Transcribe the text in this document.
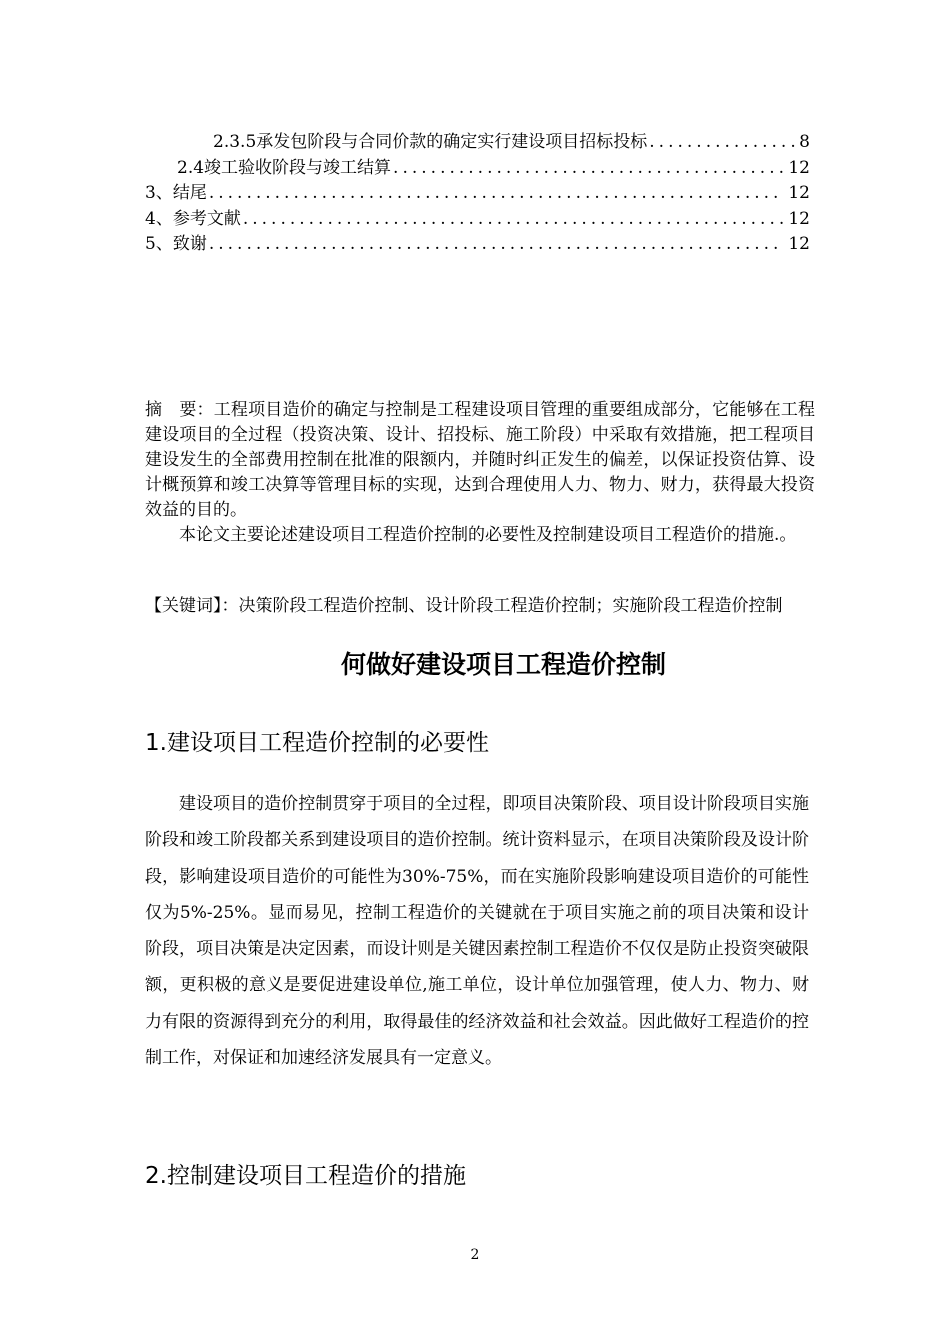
2.3.5承发包阶段与合同价款的确定实行建设项目招标投标 .....	8
2.4竣工验收阶段与竣工结算 .....	12
3、结尾 .....	12
4、参考文献 .....	12
5、致谢 .....	12

摘　要：工程项目造价的确定与控制是工程建设项目管理的重要组成部分，它能够在工程建设项目的全过程（投资决策、设计、招投标、施工阶段）中采取有效措施，把工程项目建设发生的全部费用控制在批准的限额内，并随时纠正发生的偏差，以保证投资估算、设计概预算和竣工决算等管理目标的实现，达到合理使用人力、物力、财力，获得最大投资效益的目的。

本论文主要论述建设项目工程造价控制的必要性及控制建设项目工程造价的措施.。

【关键词】：决策阶段工程造价控制、设计阶段工程造价控制；实施阶段工程造价控制
何做好建设项目工程造价控制
1.建设项目工程造价控制的必要性

建设项目的造价控制贯穿于项目的全过程，即项目决策阶段、项目设计阶段项目实施阶段和竣工阶段都关系到建设项目的造价控制。统计资料显示，在项目决策阶段及设计阶段，影响建设项目造价的可能性为30%-75%，而在实施阶段影响建设项目造价的可能性仅为5%-25%。显而易见，控制工程造价的关键就在于项目实施之前的项目决策和设计阶段，项目决策是决定因素，而设计则是关键因素控制工程造价不仅仅是防止投资突破限额，更积极的意义是要促进建设单位,施工单位，设计单位加强管理，使人力、物力、财力有限的资源得到充分的利用，取得最佳的经济效益和社会效益。因此做好工程造价的控制工作，对保证和加速经济发展具有一定意义。

2.控制建设项目工程造价的措施
2
